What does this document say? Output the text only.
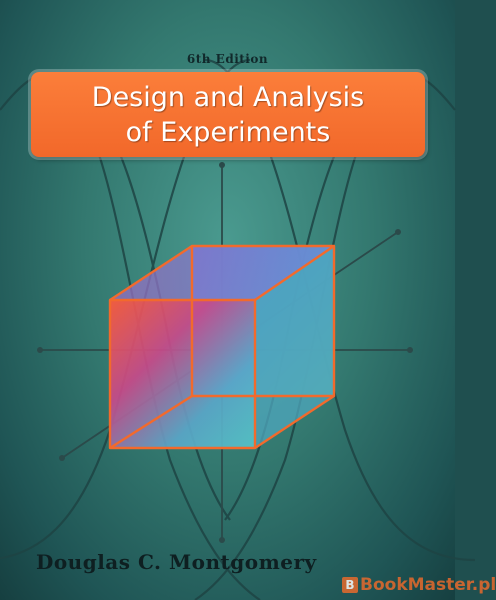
6th Edition
Design and Analysis
of Experiments
Douglas C. Montgomery
B BookMaster.pl
